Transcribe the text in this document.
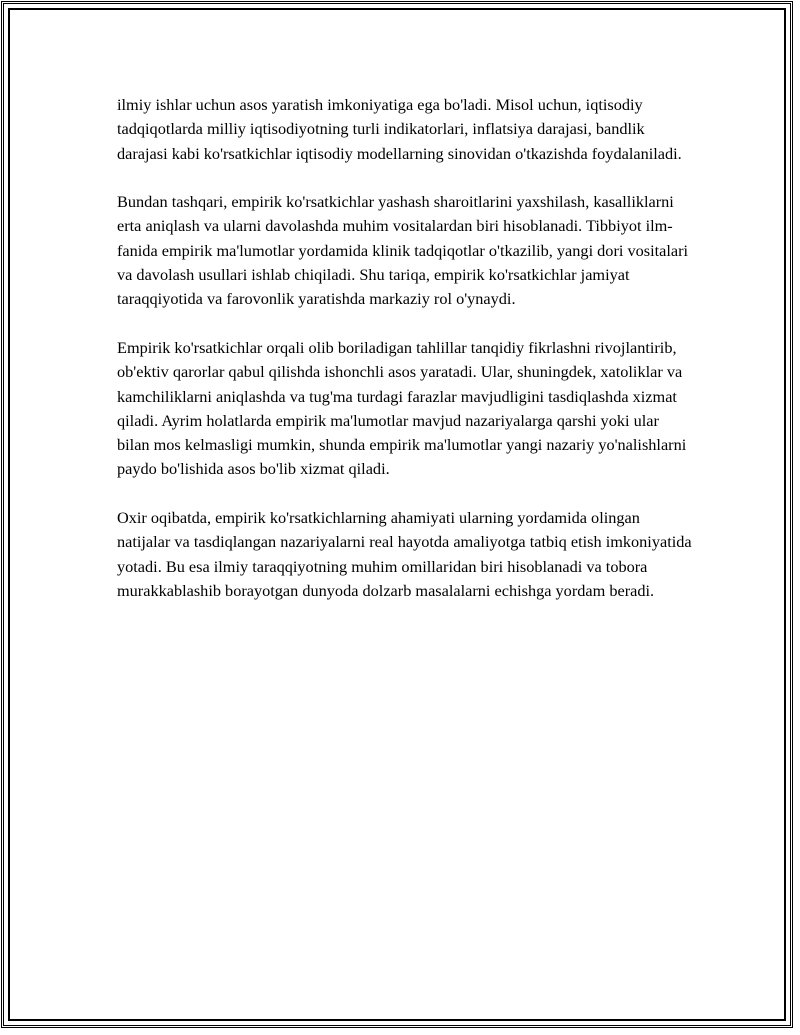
ilmiy ishlar uchun asos yaratish imkoniyatiga ega bo'ladi. Misol uchun, iqtisodiy tadqiqotlarda milliy iqtisodiyotning turli indikatorlari, inflatsiya darajasi, bandlik darajasi kabi ko'rsatkichlar iqtisodiy modellarning sinovidan o'tkazishda foydalaniladi.

Bundan tashqari, empirik ko'rsatkichlar yashash sharoitlarini yaxshilash, kasalliklarni erta aniqlash va ularni davolashda muhim vositalardan biri hisoblanadi. Tibbiyot ilm-fanida empirik ma'lumotlar yordamida klinik tadqiqotlar o'tkazilib, yangi dori vositalari va davolash usullari ishlab chiqiladi. Shu tariqa, empirik ko'rsatkichlar jamiyat taraqqiyotida va farovonlik yaratishda markaziy rol o'ynaydi.

Empirik ko'rsatkichlar orqali olib boriladigan tahlillar tanqidiy fikrlashni rivojlantirib, ob'ektiv qarorlar qabul qilishda ishonchli asos yaratadi. Ular, shuningdek, xatoliklar va kamchiliklarni aniqlashda va tug'ma turdagi farazlar mavjudligini tasdiqlashda xizmat qiladi. Ayrim holatlarda empirik ma'lumotlar mavjud nazariyalarga qarshi yoki ular bilan mos kelmasligi mumkin, shunda empirik ma'lumotlar yangi nazariy yo'nalishlarni paydo bo'lishida asos bo'lib xizmat qiladi.

Oxir oqibatda, empirik ko'rsatkichlarning ahamiyati ularning yordamida olingan natijalar va tasdiqlangan nazariyalarni real hayotda amaliyotga tatbiq etish imkoniyatida yotadi. Bu esa ilmiy taraqqiyotning muhim omillaridan biri hisoblanadi va tobora murakkablashib borayotgan dunyoda dolzarb masalalarni echishga yordam beradi.
